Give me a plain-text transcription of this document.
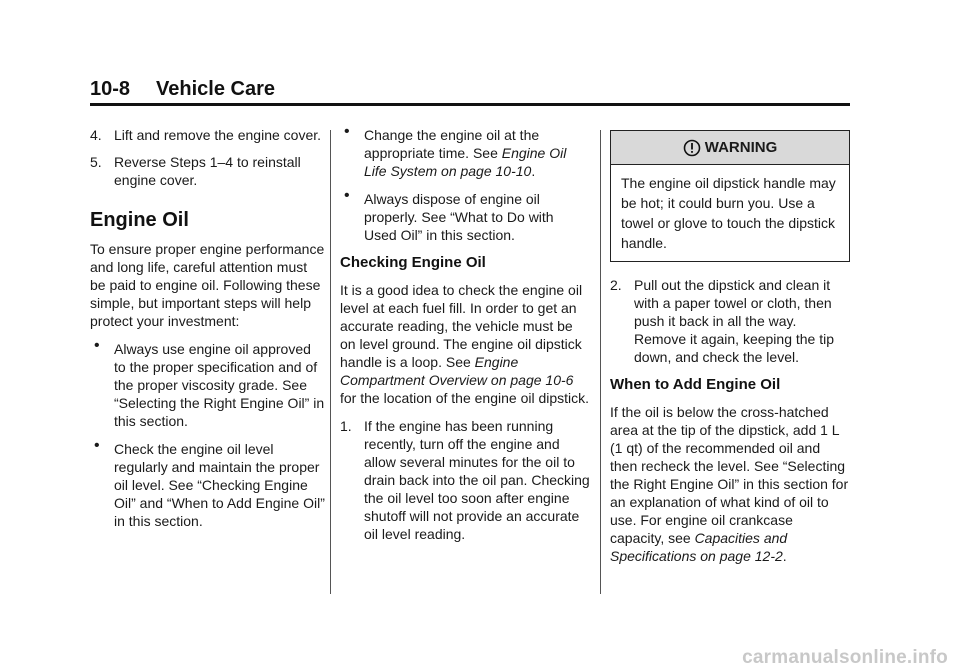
10-8 Vehicle Care
4. Lift and remove the engine cover.
5. Reverse Steps 1–4 to reinstall engine cover.
Engine Oil

To ensure proper engine performance and long life, careful attention must be paid to engine oil. Following these simple, but important steps will help protect your investment:

• Always use engine oil approved to the proper specification and of the proper viscosity grade. See “Selecting the Right Engine Oil” in this section.
• Check the engine oil level regularly and maintain the proper oil level. See “Checking Engine Oil” and “When to Add Engine Oil” in this section.
• Change the engine oil at the appropriate time. See Engine Oil Life System on page 10-10.
• Always dispose of engine oil properly. See “What to Do with Used Oil” in this section.
Checking Engine Oil

It is a good idea to check the engine oil level at each fuel fill. In order to get an accurate reading, the vehicle must be on level ground. The engine oil dipstick handle is a loop. See Engine Compartment Overview on page 10-6 for the location of the engine oil dipstick.

1. If the engine has been running recently, turn off the engine and allow several minutes for the oil to drain back into the oil pan. Checking the oil level too soon after engine shutoff will not provide an accurate oil level reading.
WARNING
The engine oil dipstick handle may be hot; it could burn you. Use a towel or glove to touch the dipstick handle.
2. Pull out the dipstick and clean it with a paper towel or cloth, then push it back in all the way. Remove it again, keeping the tip down, and check the level.
When to Add Engine Oil

If the oil is below the cross-hatched area at the tip of the dipstick, add 1 L (1 qt) of the recommended oil and then recheck the level. See “Selecting the Right Engine Oil” in this section for an explanation of what kind of oil to use. For engine oil crankcase capacity, see Capacities and Specifications on page 12-2.

carmanualsonline.info
